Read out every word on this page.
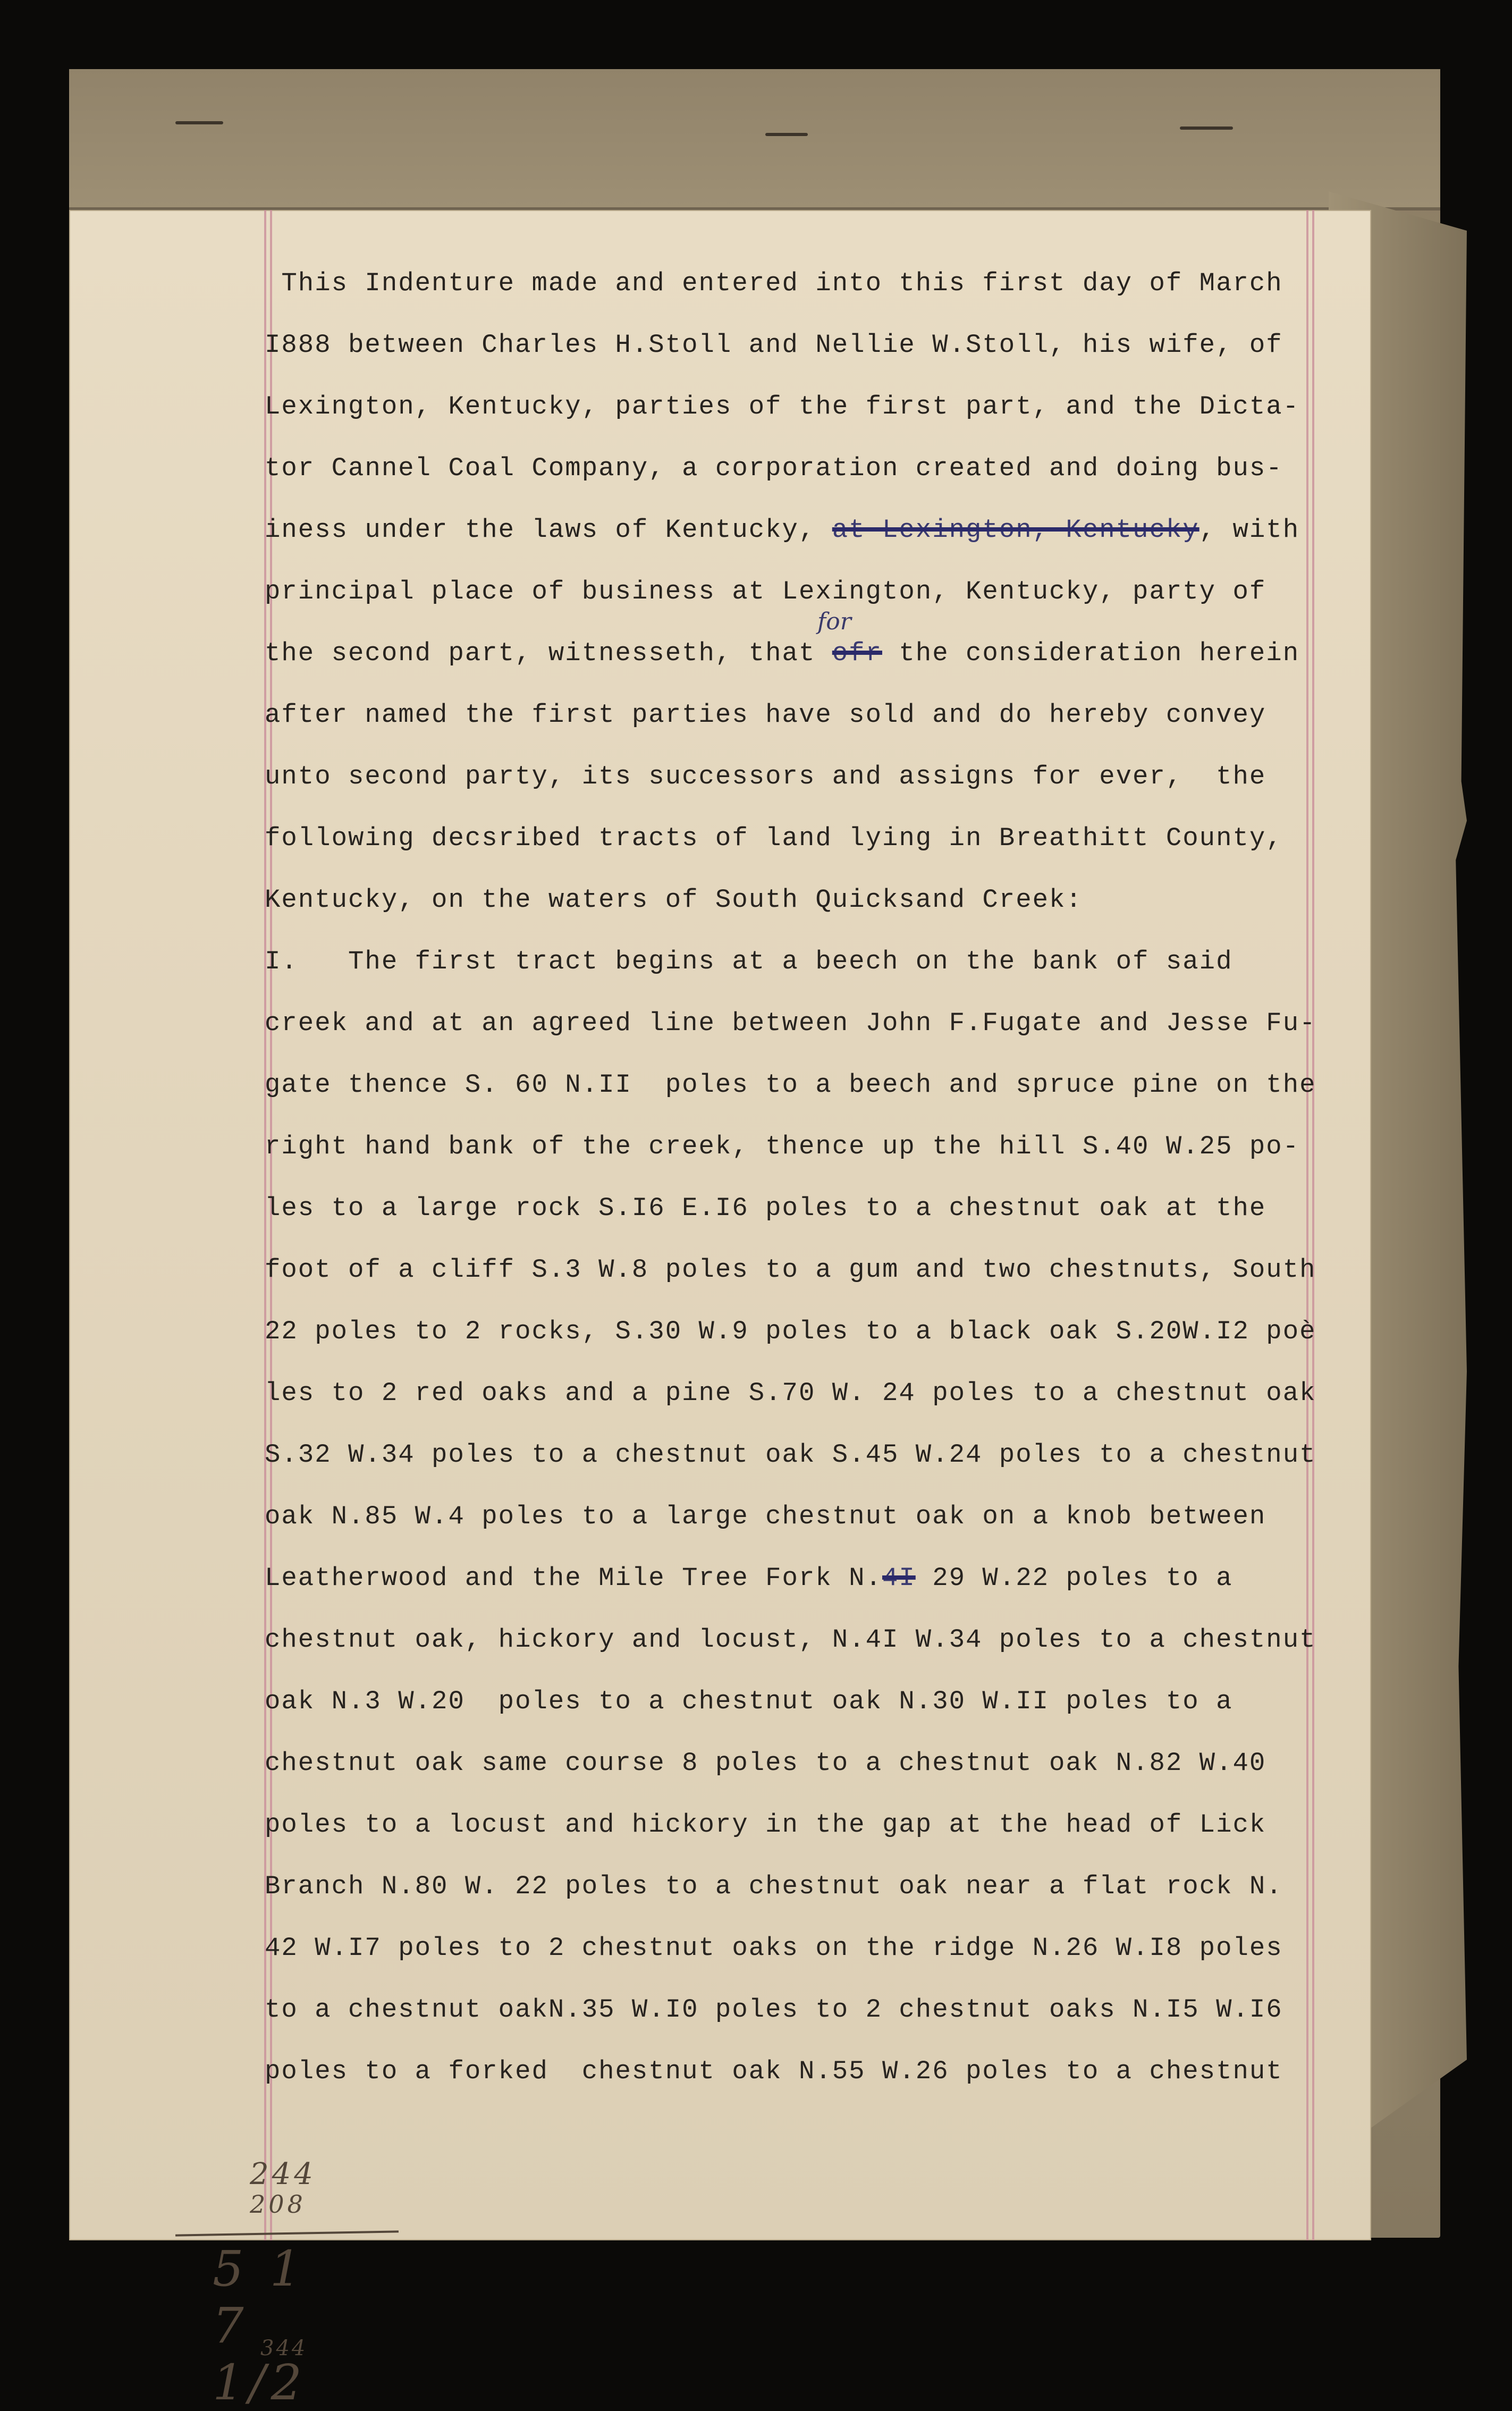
This Indenture made and entered into this first day of March
I888 between Charles H.Stoll and Nellie W.Stoll, his wife, of
Lexington, Kentucky, parties of the first part, and the Dicta-
tor Cannel Coal Company, a corporation created and doing bus-
iness under the laws of Kentucky, at Lexington, Kentucky, with
principal place of business at Lexington, Kentucky, party of
the second part, witnesseth, that ofr the consideration herein
for
after named the first parties have sold and do hereby convey
unto second party, its successors and assigns for ever,  the
following decsribed tracts of land lying in Breathitt County,
Kentucky, on the waters of South Quicksand Creek:
I.   The first tract begins at a beech on the bank of said
creek and at an agreed line between John F.Fugate and Jesse Fu-
gate thence S. 60 N.II  poles to a beech and spruce pine on the
right hand bank of the creek, thence up the hill S.40 W.25 po-
les to a large rock S.I6 E.I6 poles to a chestnut oak at the
foot of a cliff S.3 W.8 poles to a gum and two chestnuts, South
22 poles to 2 rocks, S.30 W.9 poles to a black oak S.20W.I2 poè
les to 2 red oaks and a pine S.70 W. 24 poles to a chestnut oak
S.32 W.34 poles to a chestnut oak S.45 W.24 poles to a chestnut
oak N.85 W.4 poles to a large chestnut oak on a knob between
Leatherwood and the Mile Tree Fork N.4I 29 W.22 poles to a
chestnut oak, hickory and locust, N.4I W.34 poles to a chestnut
oak N.3 W.20  poles to a chestnut oak N.30 W.II poles to a
chestnut oak same course 8 poles to a chestnut oak N.82 W.40
poles to a locust and hickory in the gap at the head of Lick
Branch N.80 W. 22 poles to a chestnut oak near a flat rock N.
42 W.I7 poles to 2 chestnut oaks on the ridge N.26 W.I8 poles
to a chestnut oakN.35 W.I0 poles to 2 chestnut oaks N.I5 W.I6
poles to a forked  chestnut oak N.55 W.26 poles to a chestnut
244
208
5 1 7 1/2
344
